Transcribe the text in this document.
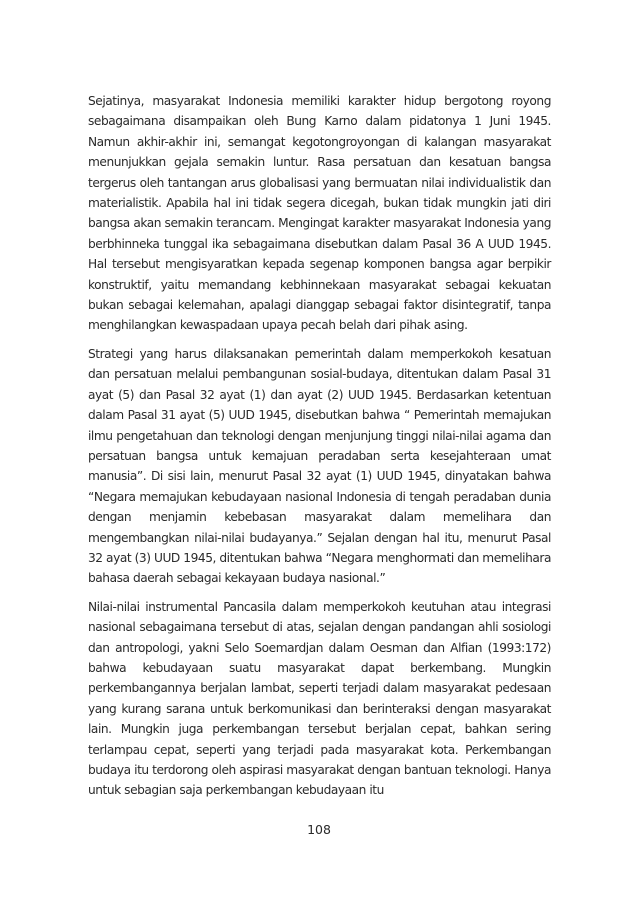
Sejatinya, masyarakat Indonesia memiliki karakter hidup bergotong royong sebagaimana disampaikan oleh Bung Karno dalam pidatonya 1 Juni 1945. Namun akhir-akhir ini, semangat kegotongroyongan di kalangan masyarakat menunjukkan gejala semakin luntur. Rasa persatuan dan kesatuan bangsa tergerus oleh tantangan arus globalisasi yang bermuatan nilai individualistik dan materialistik. Apabila hal ini tidak segera dicegah, bukan tidak mungkin jati diri bangsa akan semakin terancam. Mengingat karakter masyarakat Indonesia yang berbhinneka tunggal ika sebagaimana disebutkan dalam Pasal 36 A UUD 1945. Hal tersebut mengisyaratkan kepada segenap komponen bangsa agar berpikir konstruktif, yaitu memandang kebhinnekaan masyarakat sebagai kekuatan bukan sebagai kelemahan, apalagi dianggap sebagai faktor disintegratif, tanpa menghilangkan kewaspadaan upaya pecah belah dari pihak asing.

Strategi yang harus dilaksanakan pemerintah dalam memperkokoh kesatuan dan persatuan melalui pembangunan sosial-budaya, ditentukan dalam Pasal 31 ayat (5) dan Pasal 32 ayat (1) dan ayat (2) UUD 1945. Berdasarkan ketentuan dalam Pasal 31 ayat (5) UUD 1945, disebutkan bahwa “ Pemerintah memajukan ilmu pengetahuan dan teknologi dengan menjunjung tinggi nilai-nilai agama dan persatuan bangsa untuk kemajuan peradaban serta kesejahteraan umat manusia”. Di sisi lain, menurut Pasal 32 ayat (1) UUD 1945, dinyatakan bahwa “Negara memajukan kebudayaan nasional Indonesia di tengah peradaban dunia dengan menjamin kebebasan masyarakat dalam memelihara dan mengembangkan nilai-nilai budayanya.” Sejalan dengan hal itu, menurut Pasal 32 ayat (3) UUD 1945, ditentukan bahwa “Negara menghormati dan memelihara bahasa daerah sebagai kekayaan budaya nasional.”

Nilai-nilai instrumental Pancasila dalam memperkokoh keutuhan atau integrasi nasional sebagaimana tersebut di atas, sejalan dengan pandangan ahli sosiologi dan antropologi, yakni Selo Soemardjan dalam Oesman dan Alfian (1993:172) bahwa kebudayaan suatu masyarakat dapat berkembang. Mungkin perkembangannya berjalan lambat, seperti terjadi dalam masyarakat pedesaan yang kurang sarana untuk berkomunikasi dan berinteraksi dengan masyarakat lain. Mungkin juga perkembangan tersebut berjalan cepat, bahkan sering terlampau cepat, seperti yang terjadi pada masyarakat kota. Perkembangan budaya itu terdorong oleh aspirasi masyarakat dengan bantuan teknologi. Hanya untuk sebagian saja perkembangan kebudayaan itu

108
